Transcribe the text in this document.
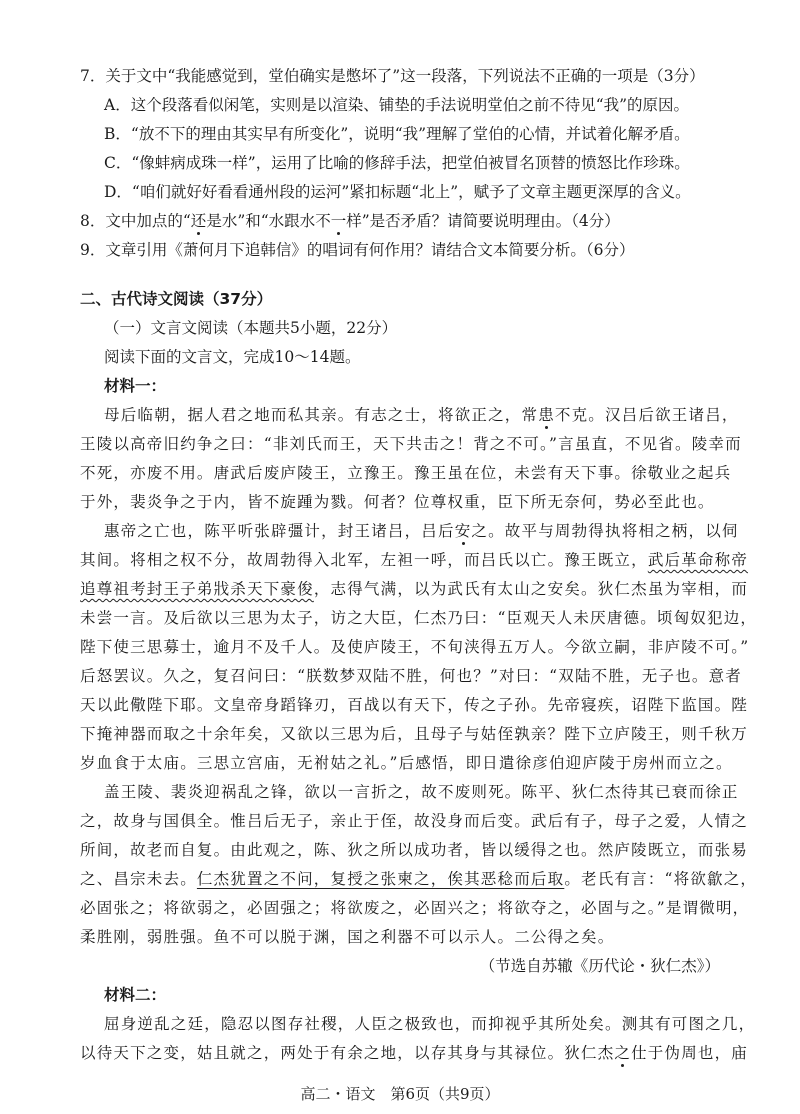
7．关于文中“我能感觉到，堂伯确实是憋坏了”这一段落，下列说法不正确的一项是（3分）
A．这个段落看似闲笔，实则是以渲染、铺垫的手法说明堂伯之前不待见“我”的原因。
B．“放不下的理由其实早有所变化”，说明“我”理解了堂伯的心情，并试着化解矛盾。
C．“像蚌病成珠一样”，运用了比喻的修辞手法，把堂伯被冒名顶替的愤怒比作珍珠。
D．“咱们就好好看看通州段的运河”紧扣标题“北上”，赋予了文章主题更深厚的含义。
8．文中加点的“还是水”和“水跟水不一样”是否矛盾？请简要说明理由。（4分）
9．文章引用《萧何月下追韩信》的唱词有何作用？请结合文本简要分析。（6分）
二、古代诗文阅读（37分）
（一）文言文阅读（本题共5小题，22分）
阅读下面的文言文，完成10～14题。
材料一：
母后临朝，据人君之地而私其亲。有志之士，将欲正之，常患不克。汉吕后欲王诸吕，
王陵以高帝旧约争之曰：“非刘氏而王，天下共击之！背之不可。”言虽直，不见省。陵幸而
不死，亦废不用。唐武后废庐陵王，立豫王。豫王虽在位，未尝有天下事。徐敬业之起兵
于外，裴炎争之于内，皆不旋踵为戮。何者？位尊权重，臣下所无奈何，势必至此也。
惠帝之亡也，陈平听张辟彊计，封王诸吕，吕后安之。故平与周勃得执将相之柄，以伺
其间。将相之权不分，故周勃得入北军，左袒一呼，而吕氏以亡。豫王既立，武后革命称帝
追尊祖考封王子弟戕杀天下豪俊，志得气满，以为武氏有太山之安矣。狄仁杰虽为宰相，而
未尝一言。及后欲以三思为太子，访之大臣，仁杰乃曰：“臣观天人未厌唐德。顷匈奴犯边，
陛下使三思募士，逾月不及千人。及使庐陵王，不旬浃得五万人。今欲立嗣，非庐陵不可。”
后怒罢议。久之，复召问曰：“朕数梦双陆不胜，何也？”对曰：“双陆不胜，无子也。意者
天以此儆陛下耶。文皇帝身蹈锋刃，百战以有天下，传之子孙。先帝寝疾，诏陛下监国。陛
下掩神器而取之十余年矣，又欲以三思为后，且母子与姑侄孰亲？陛下立庐陵王，则千秋万
岁血食于太庙。三思立宫庙，无祔姑之礼。”后感悟，即日遣徐彦伯迎庐陵于房州而立之。
盖王陵、裴炎迎祸乱之锋，欲以一言折之，故不废则死。陈平、狄仁杰待其已衰而徐正
之，故身与国俱全。惟吕后无子，亲止于侄，故没身而后变。武后有子，母子之爱，人情之
所间，故老而自复。由此观之，陈、狄之所以成功者，皆以缓得之也。然庐陵既立，而张易
之、昌宗未去。仁杰犹置之不问，复授之张柬之，俟其恶稔而后取。老氏有言：“将欲歙之，
必固张之；将欲弱之，必固强之；将欲废之，必固兴之；将欲夺之，必固与之。”是谓微明，
柔胜刚，弱胜强。鱼不可以脱于渊，国之利器不可以示人。二公得之矣。
（节选自苏辙《历代论・狄仁杰》）
材料二：
屈身逆乱之廷，隐忍以图存社稷，人臣之极致也，而抑视乎其所处矣。测其有可图之几，
以待天下之变，姑且就之，两处于有余之地，以存其身与其禄位。狄仁杰之仕于伪周也，庙
高二・语文　第6页（共9页）
